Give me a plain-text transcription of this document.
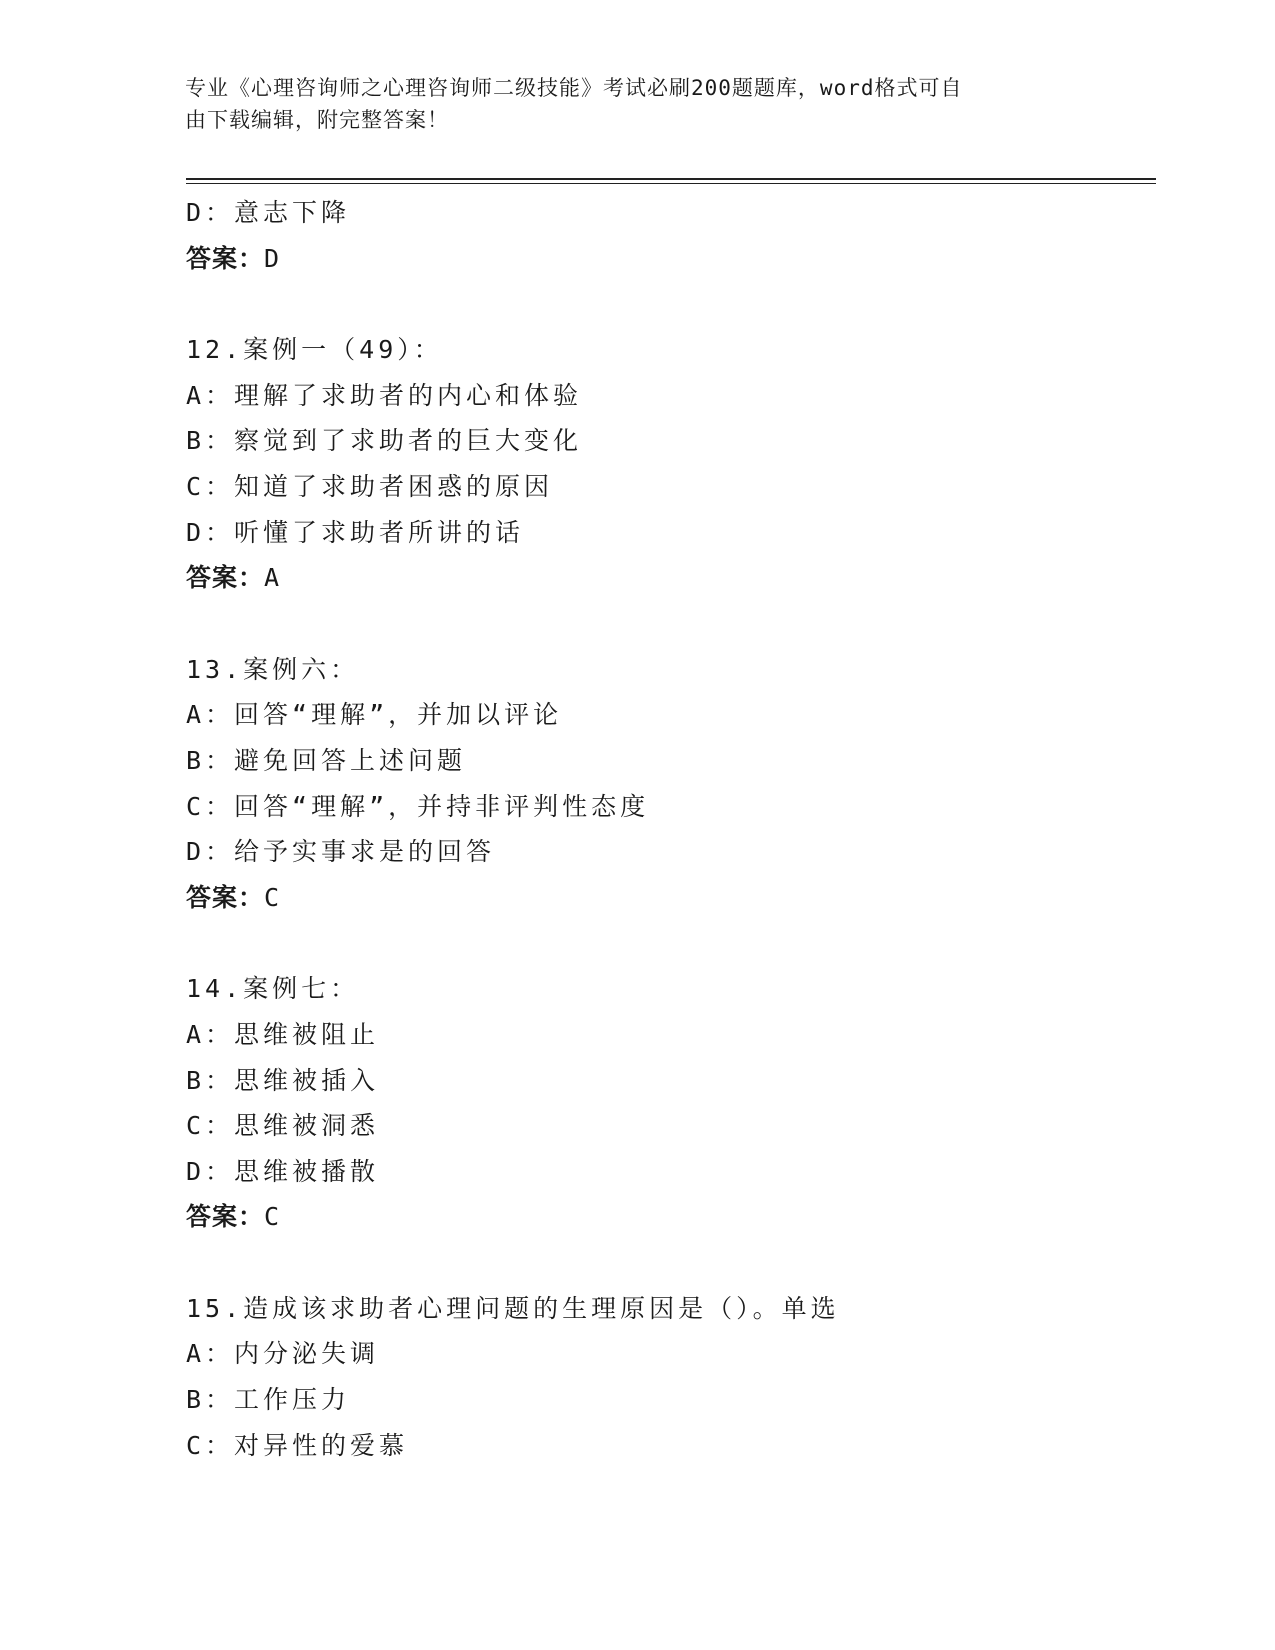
专业《心理咨询师之心理咨询师二级技能》考试必刷200题题库，word格式可自
由下载编辑，附完整答案！
D：意志下降
答案：D
12.案例一（49）：
A：理解了求助者的内心和体验
B：察觉到了求助者的巨大变化
C：知道了求助者困惑的原因
D：听懂了求助者所讲的话
答案：A
13.案例六：
A：回答“理解”，并加以评论
B：避免回答上述问题
C：回答“理解”，并持非评判性态度
D：给予实事求是的回答
答案：C
14.案例七：
A：思维被阻止
B：思维被插入
C：思维被洞悉
D：思维被播散
答案：C
15.造成该求助者心理问题的生理原因是（）。单选
A：内分泌失调
B：工作压力
C：对异性的爱慕
